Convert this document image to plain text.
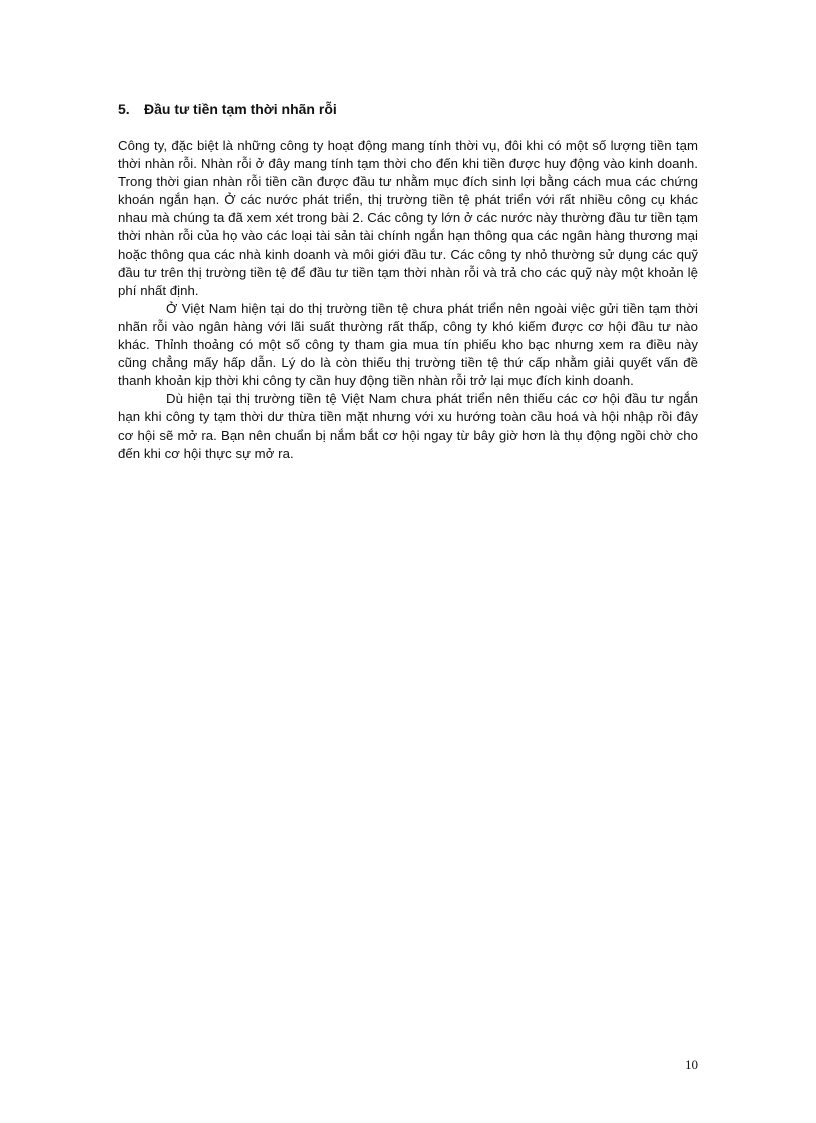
5. Đầu tư tiền tạm thời nhãn rỗi

Công ty, đặc biệt là những công ty hoạt động mang tính thời vụ, đôi khi có một số lượng tiền tạm thời nhàn rỗi. Nhàn rỗi ở đây mang tính tạm thời cho đến khi tiền được huy động vào kinh doanh. Trong thời gian nhàn rỗi tiền cần được đầu tư nhằm mục đích sinh lợi bằng cách mua các chứng khoán ngắn hạn. Ở các nước phát triển, thị trường tiền tệ phát triển với rất nhiều công cụ khác nhau mà chúng ta đã xem xét trong bài 2. Các công ty lớn ở các nước này thường đầu tư tiền tạm thời nhàn rỗi của họ vào các loại tài sản tài chính ngắn hạn thông qua các ngân hàng thương mại hoặc thông qua các nhà kinh doanh và môi giới đầu tư. Các công ty nhỏ thường sử dụng các quỹ đầu tư trên thị trường tiền tệ để đầu tư tiền tạm thời nhàn rỗi và trả cho các quỹ này một khoản lệ phí nhất định.

Ở Việt Nam hiện tại do thị trường tiền tệ chưa phát triển nên ngoài việc gửi tiền tạm thời nhãn rỗi vào ngân hàng với lãi suất thường rất thấp, công ty khó kiếm được cơ hội đầu tư nào khác. Thỉnh thoảng có một số công ty tham gia mua tín phiếu kho bạc nhưng xem ra điều này cũng chẳng mấy hấp dẫn. Lý do là còn thiếu thị trường tiền tệ thứ cấp nhằm giải quyết vấn đề thanh khoản kịp thời khi công ty cần huy động tiền nhàn rỗi trở lại mục đích kinh doanh.

Dù hiện tại thị trường tiền tệ Việt Nam chưa phát triển nên thiếu các cơ hội đầu tư ngắn hạn khi công ty tạm thời dư thừa tiền mặt nhưng với xu hướng toàn cầu hoá và hội nhập rồi đây cơ hội sẽ mở ra. Bạn nên chuẩn bị nắm bắt cơ hội ngay từ bây giờ hơn là thụ động ngồi chờ cho đến khi cơ hội thực sự mở ra.

10
